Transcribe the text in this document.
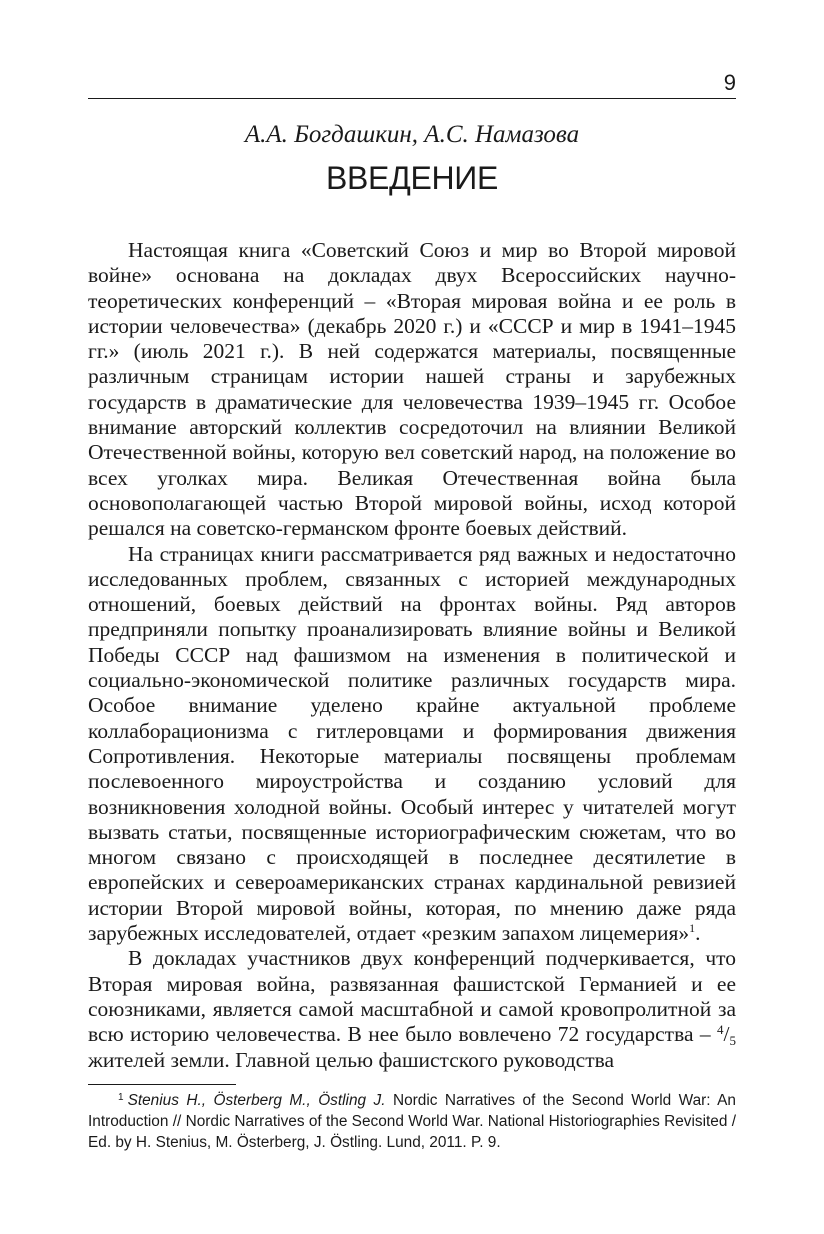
9
А.А. Богдашкин, А.С. Намазова
ВВЕДЕНИЕ

Настоящая книга «Советский Союз и мир во Второй мировой войне» основана на докладах двух Всероссийских научно-теоретических конференций – «Вторая мировая война и ее роль в истории человечества» (декабрь 2020 г.) и «СССР и мир в 1941–1945 гг.» (июль 2021 г.). В ней содержатся материалы, посвященные различным страницам истории нашей страны и зарубежных государств в драматические для человечества 1939–1945 гг. Особое внимание авторский коллектив сосредоточил на влиянии Великой Отечественной войны, которую вел советский народ, на положение во всех уголках мира. Великая Отечественная война была основополагающей частью Второй мировой войны, исход которой решался на советско-германском фронте боевых действий.

На страницах книги рассматривается ряд важных и недостаточно исследованных проблем, связанных с историей международных отношений, боевых действий на фронтах войны. Ряд авторов предприняли попытку проанализировать влияние войны и Великой Победы СССР над фашизмом на изменения в политической и социально-экономической политике различных государств мира. Особое внимание уделено крайне актуальной проблеме коллаборационизма с гитлеровцами и формирования движения Сопротивления. Некоторые материалы посвящены проблемам послевоенного мироустройства и созданию условий для возникновения холодной войны. Особый интерес у читателей могут вызвать статьи, посвященные историографическим сюжетам, что во многом связано с происходящей в последнее десятилетие в европейских и североамериканских странах кардинальной ревизией истории Второй мировой войны, которая, по мнению даже ряда зарубежных исследователей, отдает «резким запахом лицемерия»$^1$.

В докладах участников двух конференций подчеркивается, что Вторая мировая война, развязанная фашистской Германией и ее союзниками, является самой масштабной и самой кровопролитной за всю историю человечества. В нее было вовлечено 72 государства – $^4$/5 жителей земли. Главной целью фашистского руководства

$^1$ Stenius H., Österberg M., Östling J. Nordic Narratives of the Second World War: An Introduction // Nordic Narratives of the Second World War. National Historiographies Revisited / Ed. by H. Stenius, M. Österberg, J. Östling. Lund, 2011. P. 9.
